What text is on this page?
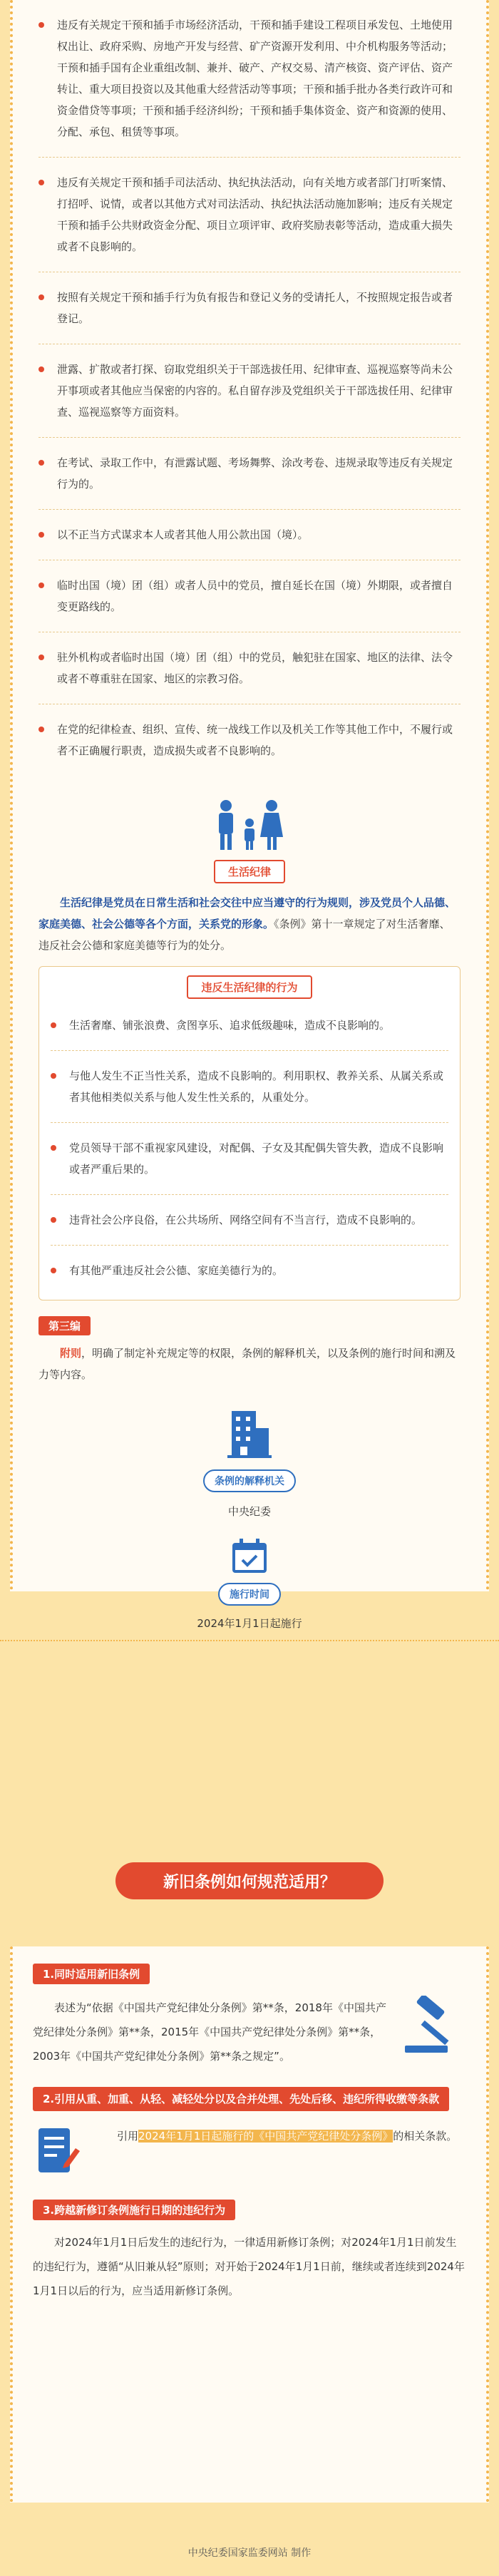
违反有关规定干预和插手市场经济活动，干预和插手建设工程项目承发包、土地使用权出让、政府采购、房地产开发与经营、矿产资源开发利用、中介机构服务等活动；干预和插手国有企业重组改制、兼并、破产、产权交易、清产核资、资产评估、资产转让、重大项目投资以及其他重大经营活动等事项；干预和插手批办各类行政许可和资金借贷等事项；干预和插手经济纠纷；干预和插手集体资金、资产和资源的使用、分配、承包、租赁等事项。
违反有关规定干预和插手司法活动、执纪执法活动，向有关地方或者部门打听案情、打招呼、说情，或者以其他方式对司法活动、执纪执法活动施加影响；违反有关规定干预和插手公共财政资金分配、项目立项评审、政府奖励表彰等活动，造成重大损失或者不良影响的。
按照有关规定干预和插手行为负有报告和登记义务的受请托人，不按照规定报告或者登记。
泄露、扩散或者打探、窃取党组织关于干部选拔任用、纪律审查、巡视巡察等尚未公开事项或者其他应当保密的内容的。私自留存涉及党组织关于干部选拔任用、纪律审查、巡视巡察等方面资料。
在考试、录取工作中，有泄露试题、考场舞弊、涂改考卷、违规录取等违反有关规定行为的。
以不正当方式谋求本人或者其他人用公款出国（境）。
临时出国（境）团（组）或者人员中的党员，擅自延长在国（境）外期限，或者擅自变更路线的。
驻外机构或者临时出国（境）团（组）中的党员，触犯驻在国家、地区的法律、法令或者不尊重驻在国家、地区的宗教习俗。
在党的纪律检查、组织、宣传、统一战线工作以及机关工作等其他工作中，不履行或者不正确履行职责，造成损失或者不良影响的。
生活纪律

生活纪律是党员在日常生活和社会交往中应当遵守的行为规则，涉及党员个人品德、家庭美德、社会公德等各个方面，关系党的形象。《条例》第十一章规定了对生活奢靡、违反社会公德和家庭美德等行为的处分。

违反生活纪律的行为
生活奢靡、铺张浪费、贪图享乐、追求低级趣味，造成不良影响的。
与他人发生不正当性关系，造成不良影响的。利用职权、教养关系、从属关系或者其他相类似关系与他人发生性关系的，从重处分。
党员领导干部不重视家风建设，对配偶、子女及其配偶失管失教，造成不良影响或者严重后果的。
违背社会公序良俗，在公共场所、网络空间有不当言行，造成不良影响的。
有其他严重违反社会公德、家庭美德行为的。
第三编

附则，明确了制定补充规定等的权限，条例的解释机关，以及条例的施行时间和溯及力等内容。

条例的解释机关
中央纪委
施行时间
2024年1月1日起施行
新旧条例如何规范适用？
1.同时适用新旧条例

表述为“依据《中国共产党纪律处分条例》第**条，2018年《中国共产党纪律处分条例》第**条，2015年《中国共产党纪律处分条例》第**条，2003年《中国共产党纪律处分条例》第**条之规定”。

2.引用从重、加重、从轻、减轻处分以及合并处理、先处后移、违纪所得收缴等条款

引用2024年1月1日起施行的《中国共产党纪律处分条例》的相关条款。

3.跨越新修订条例施行日期的违纪行为

对2024年1月1日后发生的违纪行为，一律适用新修订条例；对2024年1月1日前发生的违纪行为，遵循“从旧兼从轻”原则；对开始于2024年1月1日前，继续或者连续到2024年1月1日以后的行为，应当适用新修订条例。

中央纪委国家监委网站 制作
